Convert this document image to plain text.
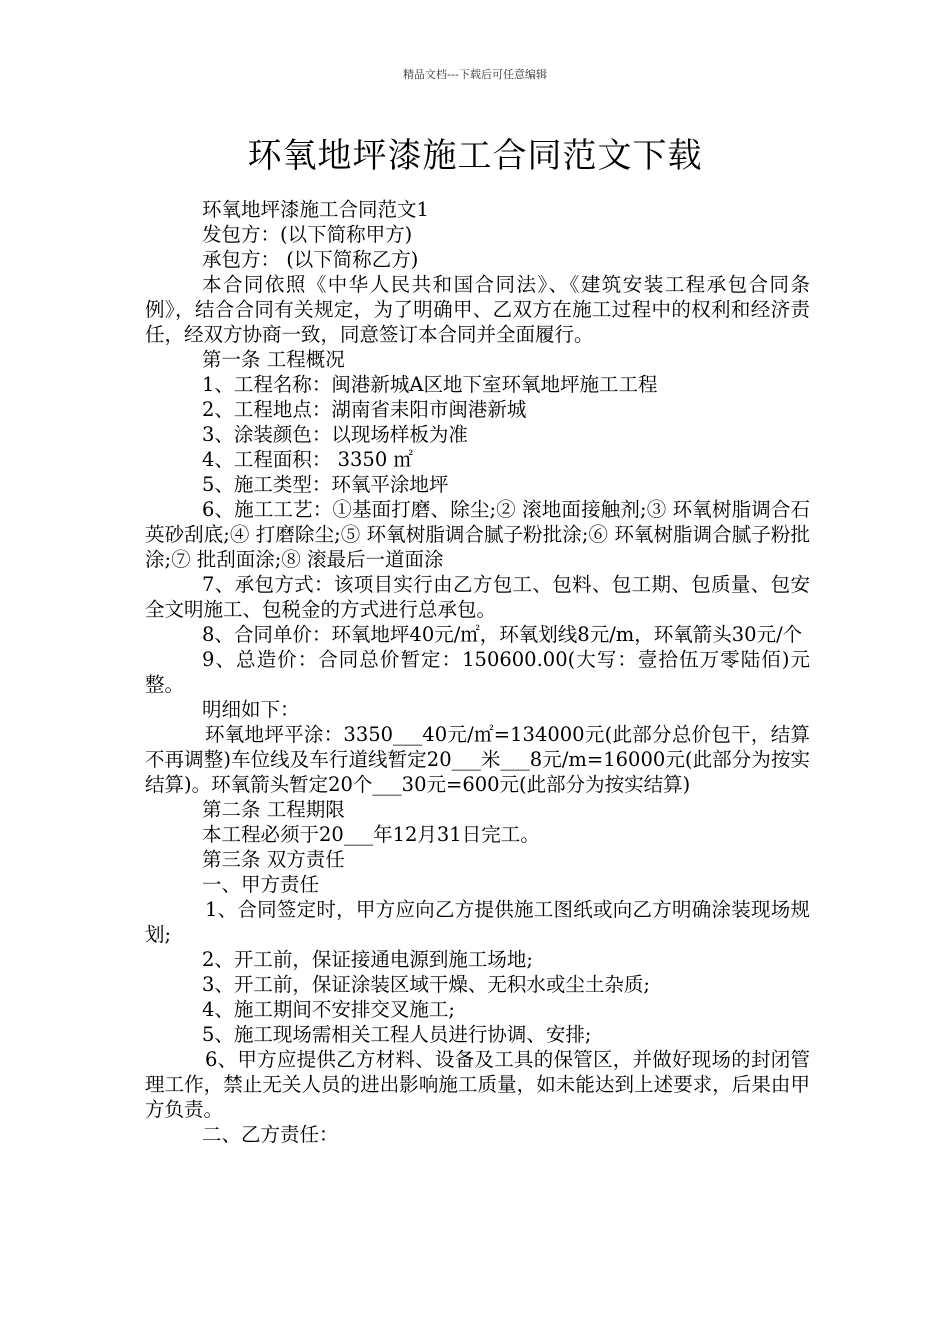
精品文档---下载后可任意编辑
环氧地坪漆施工合同范文下载

环氧地坪漆施工合同范文1

发包方：(以下简称甲方)

承包方： (以下简称乙方)

本合同依照《中华人民共和国合同法》、《建筑安装工程承包合同条例》，结合合同有关规定，为了明确甲、乙双方在施工过程中的权利和经济责任，经双方协商一致，同意签订本合同并全面履行。

第一条 工程概况

1、工程名称：闽港新城A区地下室环氧地坪施工工程

2、工程地点：湖南省耒阳市闽港新城

3、涂装颜色：以现场样板为准

4、工程面积： 3350 ㎡

5、施工类型：环氧平涂地坪

6、施工工艺：①基面打磨、除尘;② 滚地面接触剂;③ 环氧树脂调合石英砂刮底;④ 打磨除尘;⑤ 环氧树脂调合腻子粉批涂;⑥ 环氧树脂调合腻子粉批涂;⑦ 批刮面涂;⑧ 滚最后一道面涂

7、承包方式：该项目实行由乙方包工、包料、包工期、包质量、包安全文明施工、包税金的方式进行总承包。

8、合同单价：环氧地坪40元/㎡，环氧划线8元/m，环氧箭头30元/个

9、总造价：合同总价暂定：150600.00(大写：壹拾伍万零陆佰)元整。

明细如下：

环氧地坪平涂：3350___40元/㎡=134000元(此部分总价包干，结算不再调整)车位线及车行道线暂定20___米___8元/m=16000元(此部分为按实结算)。环氧箭头暂定20个___30元=600元(此部分为按实结算)

第二条 工程期限

本工程必须于20___年12月31日完工。

第三条 双方责任

一、甲方责任

1、合同签定时，甲方应向乙方提供施工图纸或向乙方明确涂装现场规划;

2、开工前，保证接通电源到施工场地;

3、开工前，保证涂装区域干燥、无积水或尘土杂质;

4、施工期间不安排交叉施工;

5、施工现场需相关工程人员进行协调、安排;

6、甲方应提供乙方材料、设备及工具的保管区，并做好现场的封闭管理工作，禁止无关人员的进出影响施工质量，如未能达到上述要求，后果由甲方负责。

二、乙方责任：
